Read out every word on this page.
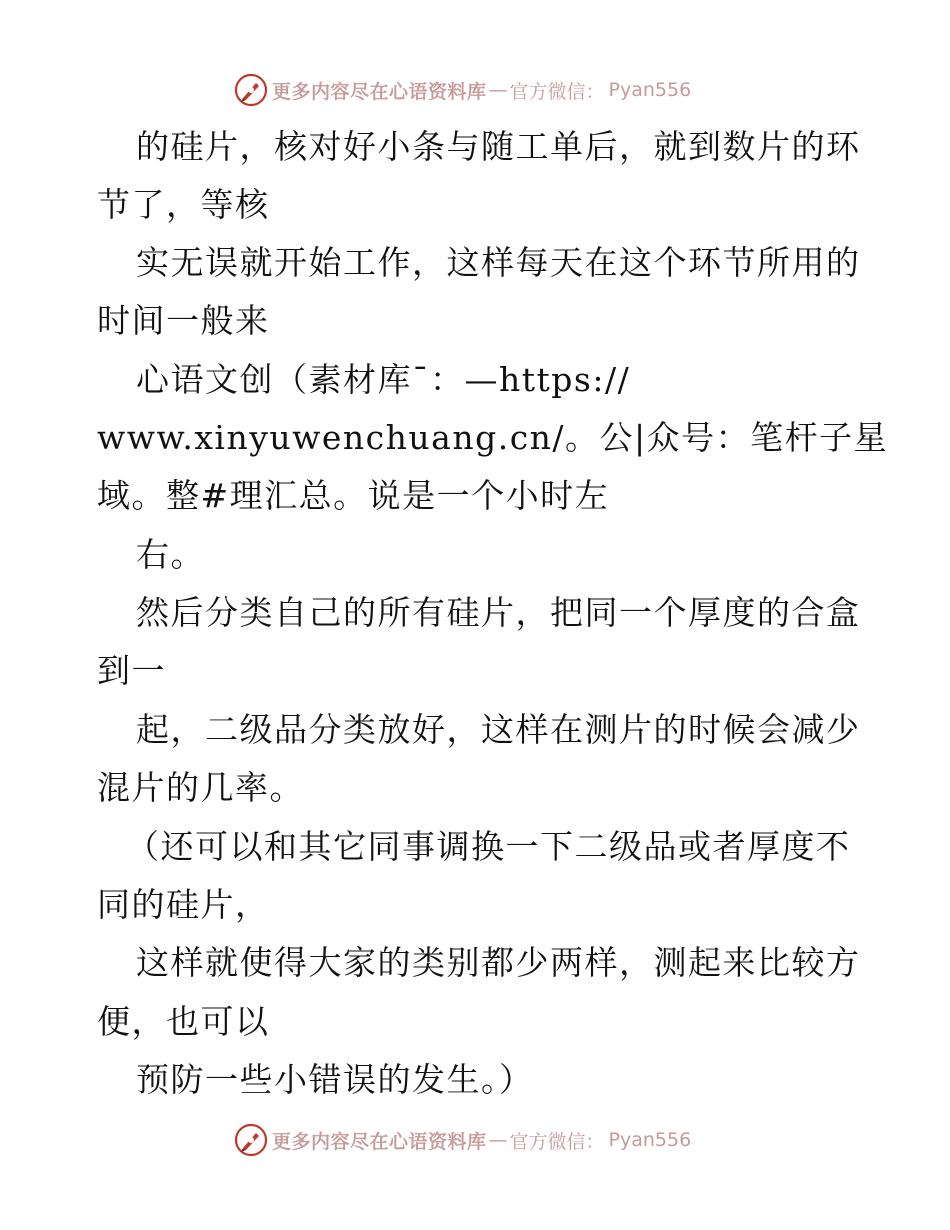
更多内容尽在心语资料库 — 官方微信： Pyan556
的硅片，核对好小条与随工单后，就到数片的环
节了，等核
实无误就开始工作，这样每天在这个环节所用的
时间一般来
心语文创（素材库¯：—https://
www.xinyuwenchuang.cn/。公|众号：笔杆子星
域。整#理汇总。说是一个小时左
右。
然后分类自己的所有硅片，把同一个厚度的合盒
到一
起，二级品分类放好，这样在测片的时候会减少
混片的几率。
（还可以和其它同事调换一下二级品或者厚度不
同的硅片，
这样就使得大家的类别都少两样，测起来比较方
便，也可以
预防一些小错误的发生。）
更多内容尽在心语资料库 — 官方微信： Pyan556
